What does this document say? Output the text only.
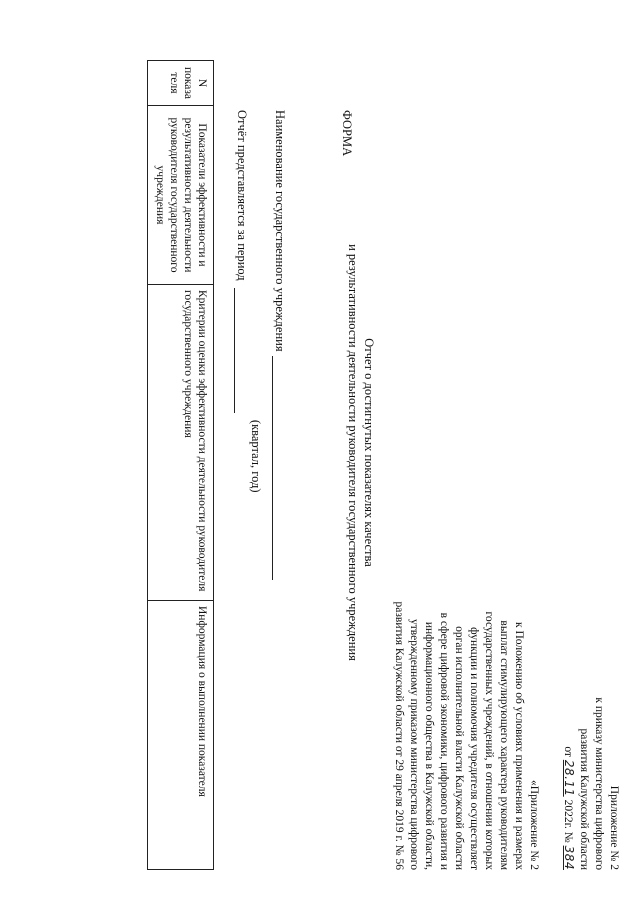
Приложение № 2
к приказу министерства цифрового
развития Калужской области
от 28.11 2022г. № 384
«Приложение № 2
к Положению об условиях применения и размерах
выплат стимулирующего характера руководителям
государственных учреждений, в отношении которых
функции и полномочия учредителя осуществляет
орган исполнительной власти Калужской области
в сфере цифровой экономики, цифрового развития и
информационного общества в Калужской области,
утвержденному приказом министерства цифрового
развития Калужской области от 29 апреля 2019 г. № 56
Отчет о достигнутых показателях качества
и результативности деятельности руководителя государственного учреждения
ФОРМА
Наименование государственного учреждения
Отчёт представляется за период  (квартал, год)
N показа теля	Показатели эффективности и результативности деятельности руководителя государственного учреждения	Критерии оценки эффективности деятельности руководителя государственного учреждения	Информация о выполнении показателя
